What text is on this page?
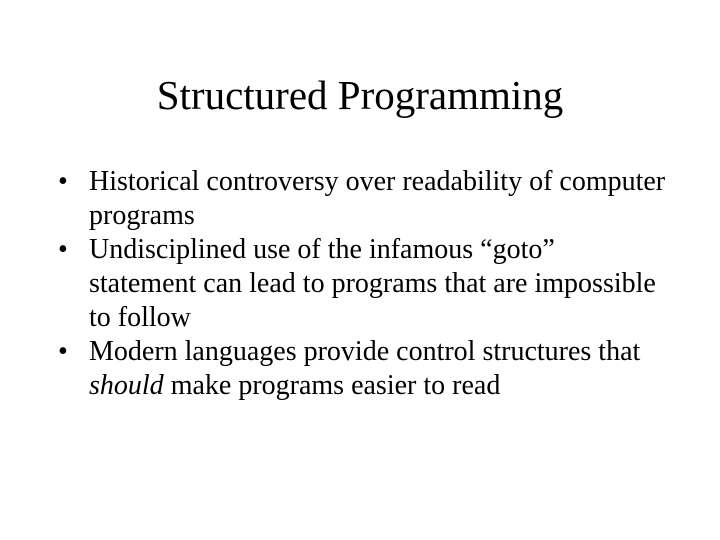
Structured Programming
• Historical controversy over readability of computer programs
• Undisciplined use of the infamous “goto” statement can lead to programs that are impossible to follow
• Modern languages provide control structures that should make programs easier to read
